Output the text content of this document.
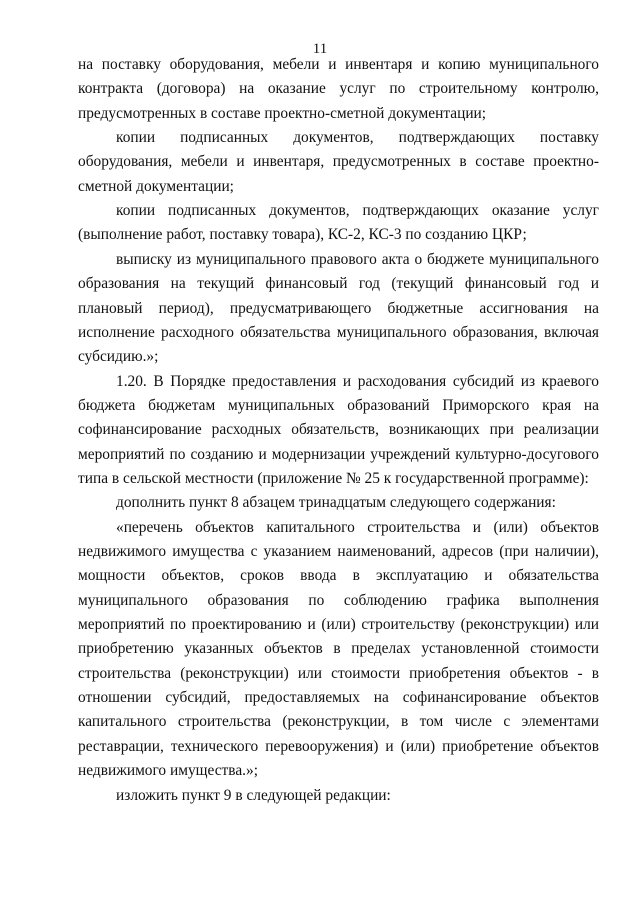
11
на поставку оборудования, мебели и инвентаря и копию муниципального
контракта (договора) на оказание услуг по строительному контролю,
предусмотренных в составе проектно-сметной документации;
копии подписанных документов, подтверждающих поставку
оборудования, мебели и инвентаря, предусмотренных в составе проектно-
сметной документации;
копии подписанных документов, подтверждающих оказание услуг
(выполнение работ, поставку товара), КС-2, КС-3 по созданию ЦКР;
выписку из муниципального правового акта о бюджете муниципального
образования на текущий финансовый год (текущий финансовый год и
плановый период), предусматривающего бюджетные ассигнования на
исполнение расходного обязательства муниципального образования, включая
субсидию.»;
1.20. В Порядке предоставления и расходования субсидий из краевого
бюджета бюджетам муниципальных образований Приморского края на
софинансирование расходных обязательств, возникающих при реализации
мероприятий по созданию и модернизации учреждений культурно-досугового
типа в сельской местности (приложение № 25 к государственной программе):
дополнить пункт 8 абзацем тринадцатым следующего содержания:
«перечень объектов капитального строительства и (или) объектов
недвижимого имущества с указанием наименований, адресов (при наличии),
мощности объектов, сроков ввода в эксплуатацию и обязательства
муниципального образования по соблюдению графика выполнения
мероприятий по проектированию и (или) строительству (реконструкции) или
приобретению указанных объектов в пределах установленной стоимости
строительства (реконструкции) или стоимости приобретения объектов - в
отношении субсидий, предоставляемых на софинансирование объектов
капитального строительства (реконструкции, в том числе с элементами
реставрации, технического перевооружения) и (или) приобретение объектов
недвижимого имущества.»;
изложить пункт 9 в следующей редакции:
